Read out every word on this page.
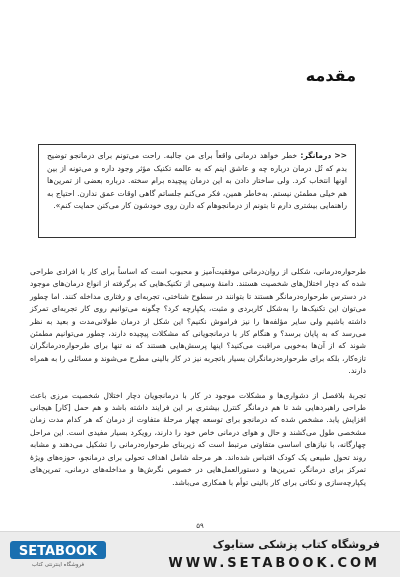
مقدمه
<<درمانگر: خطر خواهد درمانی واقعاً برای من جالبه. راحت می‌تونم برای درمانجو توضیح بدم که تُل درمان درباره چه و عاشق اینم که به عالمه تکنیک مؤثر وجود داره و می‌تونه از بین اونها انتخاب کرد. ولی ساختار دادن به این درمان پیچیده برام سخته. درباره بعضی از تمرین‌ها هم خیلی مطمئن نیستم. به‌خاطر همین، فکر می‌کنم جلساتم گاهی اوقات عمق ندارن. احتیاج به راهنمایی بیشتری دارم تا بتونم از درمانجوهام که دارن روی خودشون کار می‌کنن حمایت کنم».

طرحواره‌درمانی، شکلی از روان‌درمانی موفقیت‌آمیز و محبوب است که اساساً برای کار با افرادی طراحی شده که دچار اختلال‌های شخصیت هستند. دامنهٔ وسیعی از تکنیک‌هایی که برگرفته از انواع درمان‌های موجود در دسترس طرحواره‌درمانگر هستند تا بتوانند در سطوح شناختی، تجربه‌ای و رفتاری مداخله کنند. اما چطور می‌توان این تکنیک‌ها را به‌شکل کاربردی و مثبت، یکپارچه کرد؟ چگونه می‌توانیم روی کار تجربه‌ای تمرکز داشته باشیم ولی سایر مؤلفه‌ها را نیز فراموش نکنیم؟ این شکل از درمان طولانی‌مدت و بعید به نظر می‌رسد که به پایان برسد؟ و هنگام کار با درمانجویانی که مشکلات پیچیده دارند، چطور می‌توانیم مطمئن شوند که از آن‌ها به‌خوبی مراقبت می‌کنید؟ اینها پرسش‌هایی هستند که نه تنها برای طرحواره‌درمانگران تازه‌کار، بلکه برای طرحواره‌درمانگران بسیار باتجربه نیز در کار بالینی مطرح می‌شوند و مسائلی را به همراه دارند.

تجربهٔ بلافصل از دشواری‌ها و مشکلات موجود در کار با درمانجویان دچار اختلال شخصیت مرزی باعث طراحی راهبردهایی شد تا هم درمانگر کنترل بیشتری بر این فرایند داشته باشد و هم حمل [کار] هیجانی افزایش یابد. مشخص شده که درمانجو برای توسعه چهار مرحلهٔ متفاوت از درمان که هر کدام مدت زمان مشخصی طول می‌کشند و حال و هوای درمانی خاص خود را دارند، رویکرد بسیار مفیدی است. این مراحل چهارگانه، با نیازهای اساسی متفاوتی مرتبط است که زیربنای طرحواره‌درمانی را تشکیل می‌دهند و مشابه روند تحول طبیعی یک کودک اقتباس شده‌اند. هر مرحله شامل اهداف تحولی برای درمانجو، حوزه‌های ویژهٔ تمرکز برای درمانگر، تمرین‌ها و دستورالعمل‌هایی در خصوص نگرش‌ها و مداخله‌های درمانی، تمرین‌های یکپارچه‌سازی و نکاتی برای کار بالینی توأم با همکاری می‌باشد.

۵۹
SETABOOK
فروشگاه اینترنتی کتاب
فروشگاه کتاب پزشکی ستابوک
WWW.SETABOOK.COM
